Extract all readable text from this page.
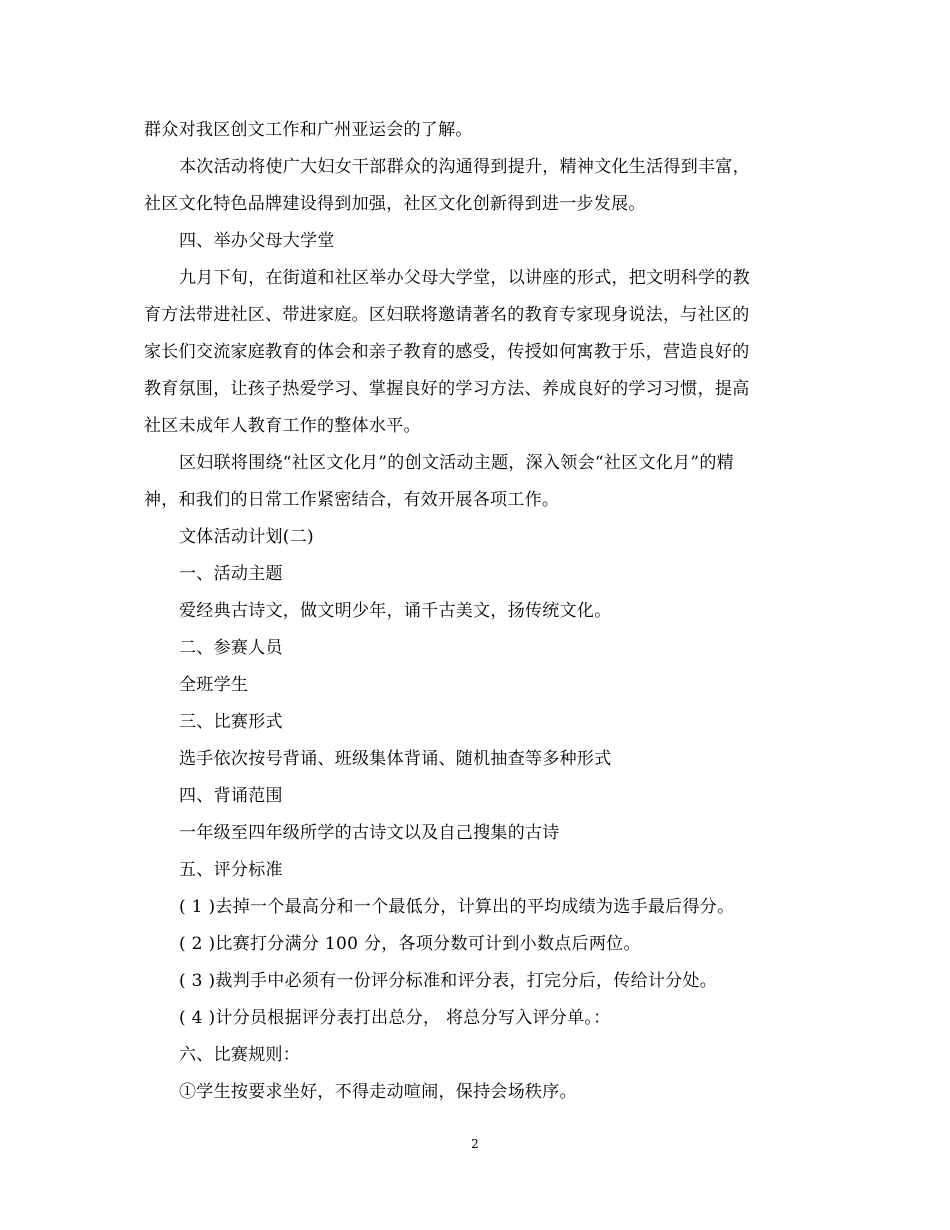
群众对我区创文工作和广州亚运会的了解。
本次活动将使广大妇女干部群众的沟通得到提升，精神文化生活得到丰富，
社区文化特色品牌建设得到加强，社区文化创新得到进一步发展。
四、举办父母大学堂
九月下旬，在街道和社区举办父母大学堂，以讲座的形式，把文明科学的教
育方法带进社区、带进家庭。区妇联将邀请著名的教育专家现身说法，与社区的
家长们交流家庭教育的体会和亲子教育的感受，传授如何寓教于乐，营造良好的
教育氛围，让孩子热爱学习、掌握良好的学习方法、养成良好的学习习惯，提高
社区未成年人教育工作的整体水平。
区妇联将围绕“社区文化月”的创文活动主题，深入领会“社区文化月”的精
神，和我们的日常工作紧密结合，有效开展各项工作。
文体活动计划(二)
一、活动主题
爱经典古诗文，做文明少年，诵千古美文，扬传统文化。
二、参赛人员
全班学生
三、比赛形式
选手依次按号背诵、班级集体背诵、随机抽查等多种形式
四、背诵范围
一年级至四年级所学的古诗文以及自己搜集的古诗
五、评分标准
( 1 )去掉一个最高分和一个最低分，计算出的平均成绩为选手最后得分。
( 2 )比赛打分满分 100 分，各项分数可计到小数点后两位。
( 3 )裁判手中必须有一份评分标准和评分表，打完分后，传给计分处。
( 4 )计分员根据评分表打出总分， 将总分写入评分单。：
六、比赛规则：
①学生按要求坐好，不得走动喧闹，保持会场秩序。
2
